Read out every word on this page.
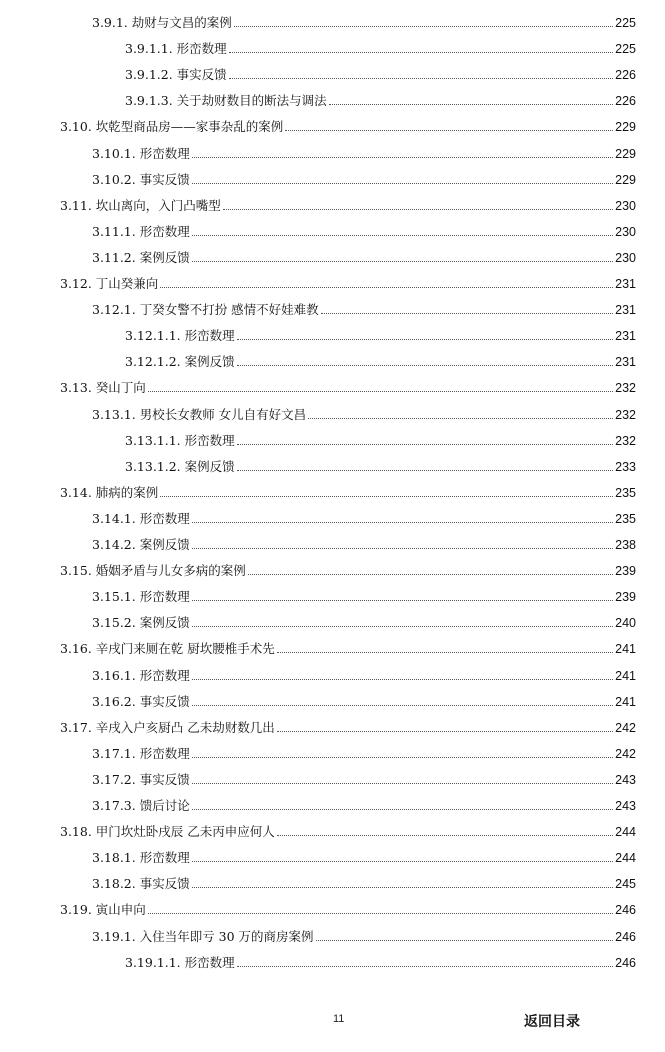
3.9.1. 劫财与文昌的案例	225
3.9.1.1. 形峦数理	225
3.9.1.2. 事实反馈	226
3.9.1.3. 关于劫财数目的断法与调法	226
3.10. 坎乾型商品房——家事杂乱的案例	229
3.10.1. 形峦数理	229
3.10.2. 事实反馈	229
3.11. 坎山离向，入门凸嘴型	230
3.11.1. 形峦数理	230
3.11.2. 案例反馈	230
3.12. 丁山癸兼向	231
3.12.1. 丁癸女警不打扮 感情不好娃难教	231
3.12.1.1. 形峦数理	231
3.12.1.2. 案例反馈	231
3.13. 癸山丁向	232
3.13.1. 男校长女教师 女儿自有好文昌	232
3.13.1.1. 形峦数理	232
3.13.1.2. 案例反馈	233
3.14. 肺病的案例	235
3.14.1. 形峦数理	235
3.14.2. 案例反馈	238
3.15. 婚姻矛盾与儿女多病的案例	239
3.15.1. 形峦数理	239
3.15.2. 案例反馈	240
3.16. 辛戌门来厕在乾 厨坎腰椎手术先	241
3.16.1. 形峦数理	241
3.16.2. 事实反馈	241
3.17. 辛戌入户亥厨凸 乙未劫财数几出	242
3.17.1. 形峦数理	242
3.17.2. 事实反馈	243
3.17.3. 馈后讨论	243
3.18. 甲门坎灶卧戌辰 乙未丙申应何人	244
3.18.1. 形峦数理	244
3.18.2. 事实反馈	245
3.19. 寅山申向	246
3.19.1. 入住当年即亏 30 万的商房案例	246
3.19.1.1. 形峦数理	246
11	返回目录
